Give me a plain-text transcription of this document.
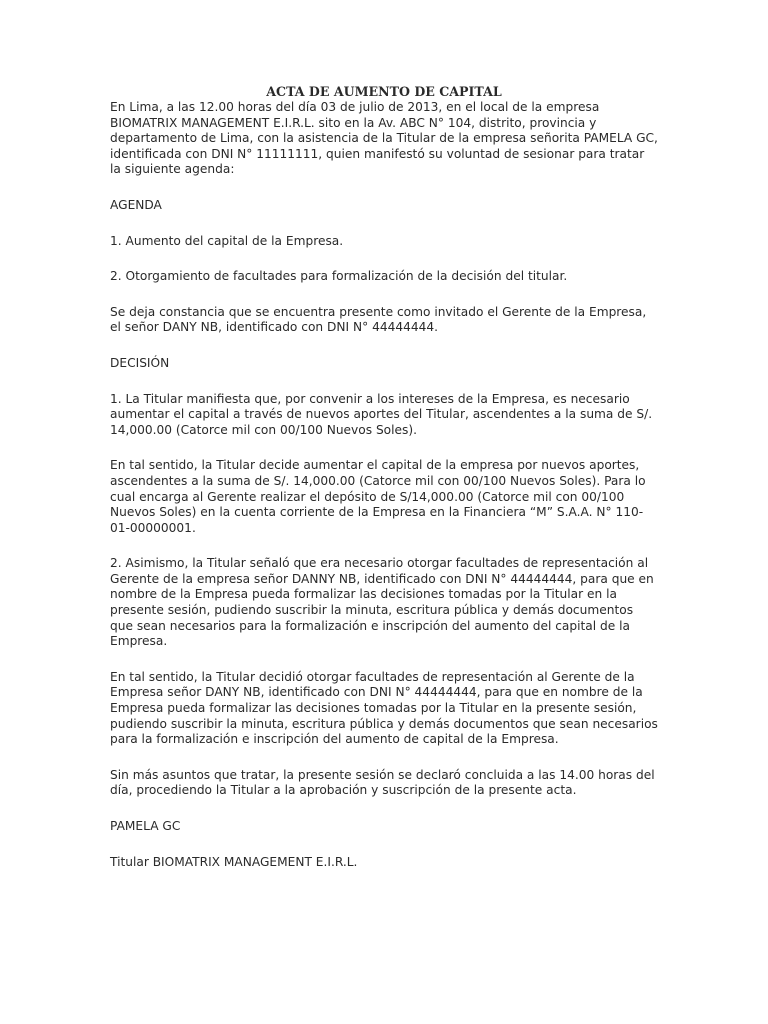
ACTA DE AUMENTO DE CAPITAL

En Lima, a las 12.00 horas del día 03 de julio de 2013, en el local de la empresa BIOMATRIX MANAGEMENT E.I.R.L. sito en la Av. ABC N° 104, distrito, provincia y departamento de Lima, con la asistencia de la Titular de la empresa señorita PAMELA GC, identificada con DNI N° 11111111, quien manifestó su voluntad de sesionar para tratar la siguiente agenda:

AGENDA

1. Aumento del capital de la Empresa.

2. Otorgamiento de facultades para formalización de la decisión del titular.

Se deja constancia que se encuentra presente como invitado el Gerente de la Empresa, el señor DANY NB, identificado con DNI N° 44444444.

DECISIÓN

1. La Titular manifiesta que, por convenir a los intereses de la Empresa, es necesario aumentar el capital a través de nuevos aportes del Titular, ascendentes a la suma de S/. 14,000.00 (Catorce mil con 00/100 Nuevos Soles).

En tal sentido, la Titular decide aumentar el capital de la empresa por nuevos aportes, ascendentes a la suma de S/. 14,000.00 (Catorce mil con 00/100 Nuevos Soles). Para lo cual encarga al Gerente realizar el depósito de S/14,000.00 (Catorce mil con 00/100 Nuevos Soles) en la cuenta corriente de la Empresa en la Financiera “M” S.A.A. N° 110-01-00000001.

2. Asimismo, la Titular señaló que era necesario otorgar facultades de representación al Gerente de la empresa señor DANNY NB, identificado con DNI N° 44444444, para que en nombre de la Empresa pueda formalizar las decisiones tomadas por la Titular en la presente sesión, pudiendo suscribir la minuta, escritura pública y demás documentos que sean necesarios para la formalización e inscripción del aumento del capital de la Empresa.

En tal sentido, la Titular decidió otorgar facultades de representación al Gerente de la Empresa señor DANY NB, identificado con DNI N° 44444444, para que en nombre de la Empresa pueda formalizar las decisiones tomadas por la Titular en la presente sesión, pudiendo suscribir la minuta, escritura pública y demás documentos que sean necesarios para la formalización e inscripción del aumento de capital de la Empresa.

Sin más asuntos que tratar, la presente sesión se declaró concluida a las 14.00 horas del día, procediendo la Titular a la aprobación y suscripción de la presente acta.

PAMELA GC

Titular BIOMATRIX MANAGEMENT E.I.R.L.
